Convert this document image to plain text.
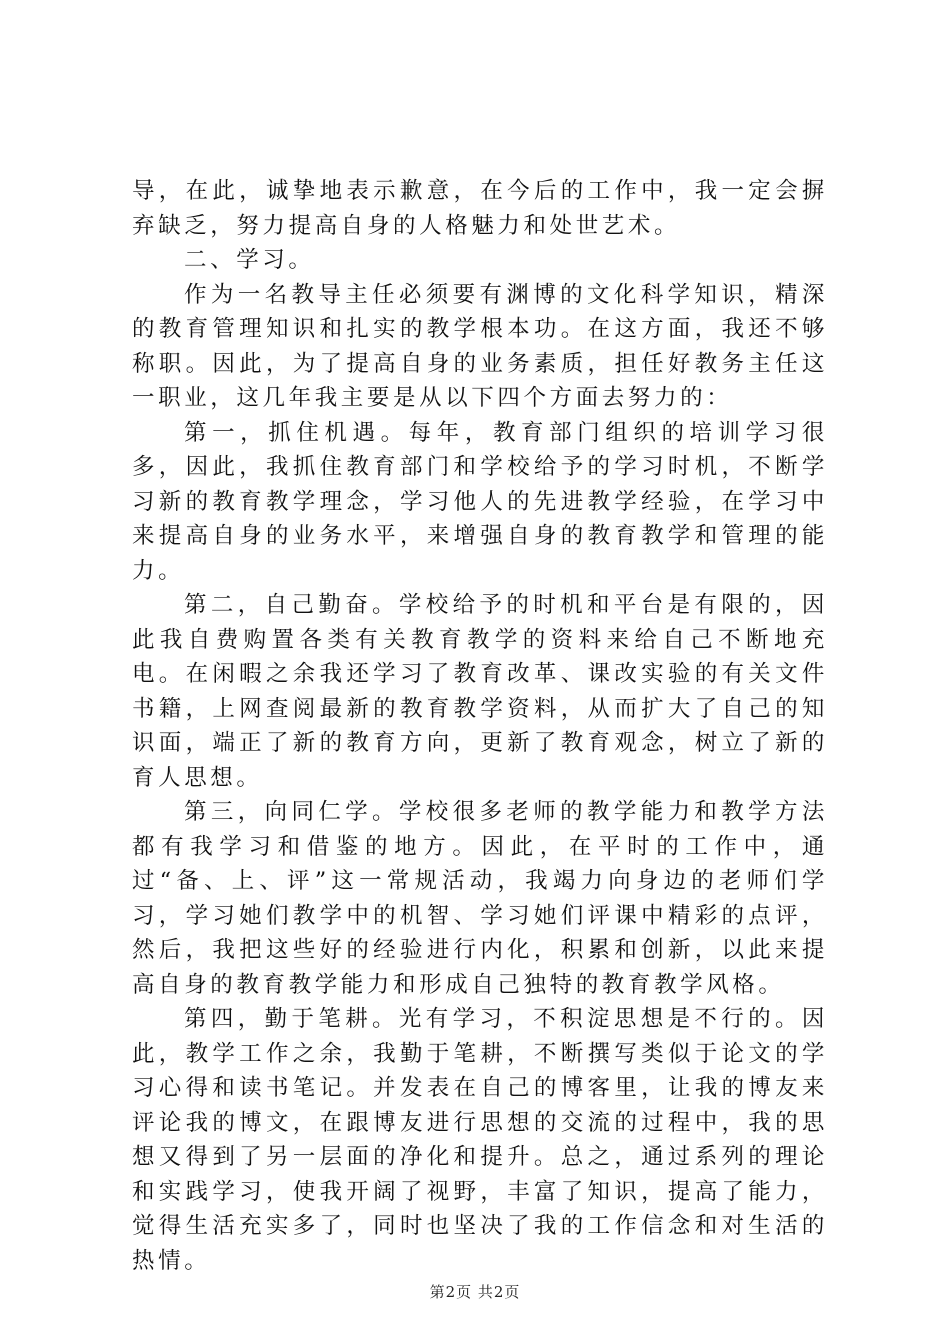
导，在此，诚挚地表示歉意，在今后的工作中，我一定会摒弃缺乏，努力提高自身的人格魅力和处世艺术。

二、学习。

作为一名教导主任必须要有渊博的文化科学知识，精深的教育管理知识和扎实的教学根本功。在这方面，我还不够称职。因此，为了提高自身的业务素质，担任好教务主任这一职业，这几年我主要是从以下四个方面去努力的：

第一，抓住机遇。每年，教育部门组织的培训学习很多，因此，我抓住教育部门和学校给予的学习时机，不断学习新的教育教学理念，学习他人的先进教学经验，在学习中来提高自身的业务水平，来增强自身的教育教学和管理的能力。

第二，自己勤奋。学校给予的时机和平台是有限的，因此我自费购置各类有关教育教学的资料来给自己不断地充电。在闲暇之余我还学习了教育改革、课改实验的有关文件书籍，上网查阅最新的教育教学资料，从而扩大了自己的知识面，端正了新的教育方向，更新了教育观念，树立了新的育人思想。

第三，向同仁学。学校很多老师的教学能力和教学方法都有我学习和借鉴的地方。因此，在平时的工作中，通过“备、上、评”这一常规活动，我竭力向身边的老师们学习，学习她们教学中的机智、学习她们评课中精彩的点评，然后，我把这些好的经验进行内化，积累和创新，以此来提高自身的教育教学能力和形成自己独特的教育教学风格。

第四，勤于笔耕。光有学习，不积淀思想是不行的。因此，教学工作之余，我勤于笔耕，不断撰写类似于论文的学习心得和读书笔记。并发表在自己的博客里，让我的博友来评论我的博文，在跟博友进行思想的交流的过程中，我的思想又得到了另一层面的净化和提升。总之，通过系列的理论和实践学习，使我开阔了视野，丰富了知识，提高了能力，觉得生活充实多了，同时也坚决了我的工作信念和对生活的热情。

第2页 共2页
